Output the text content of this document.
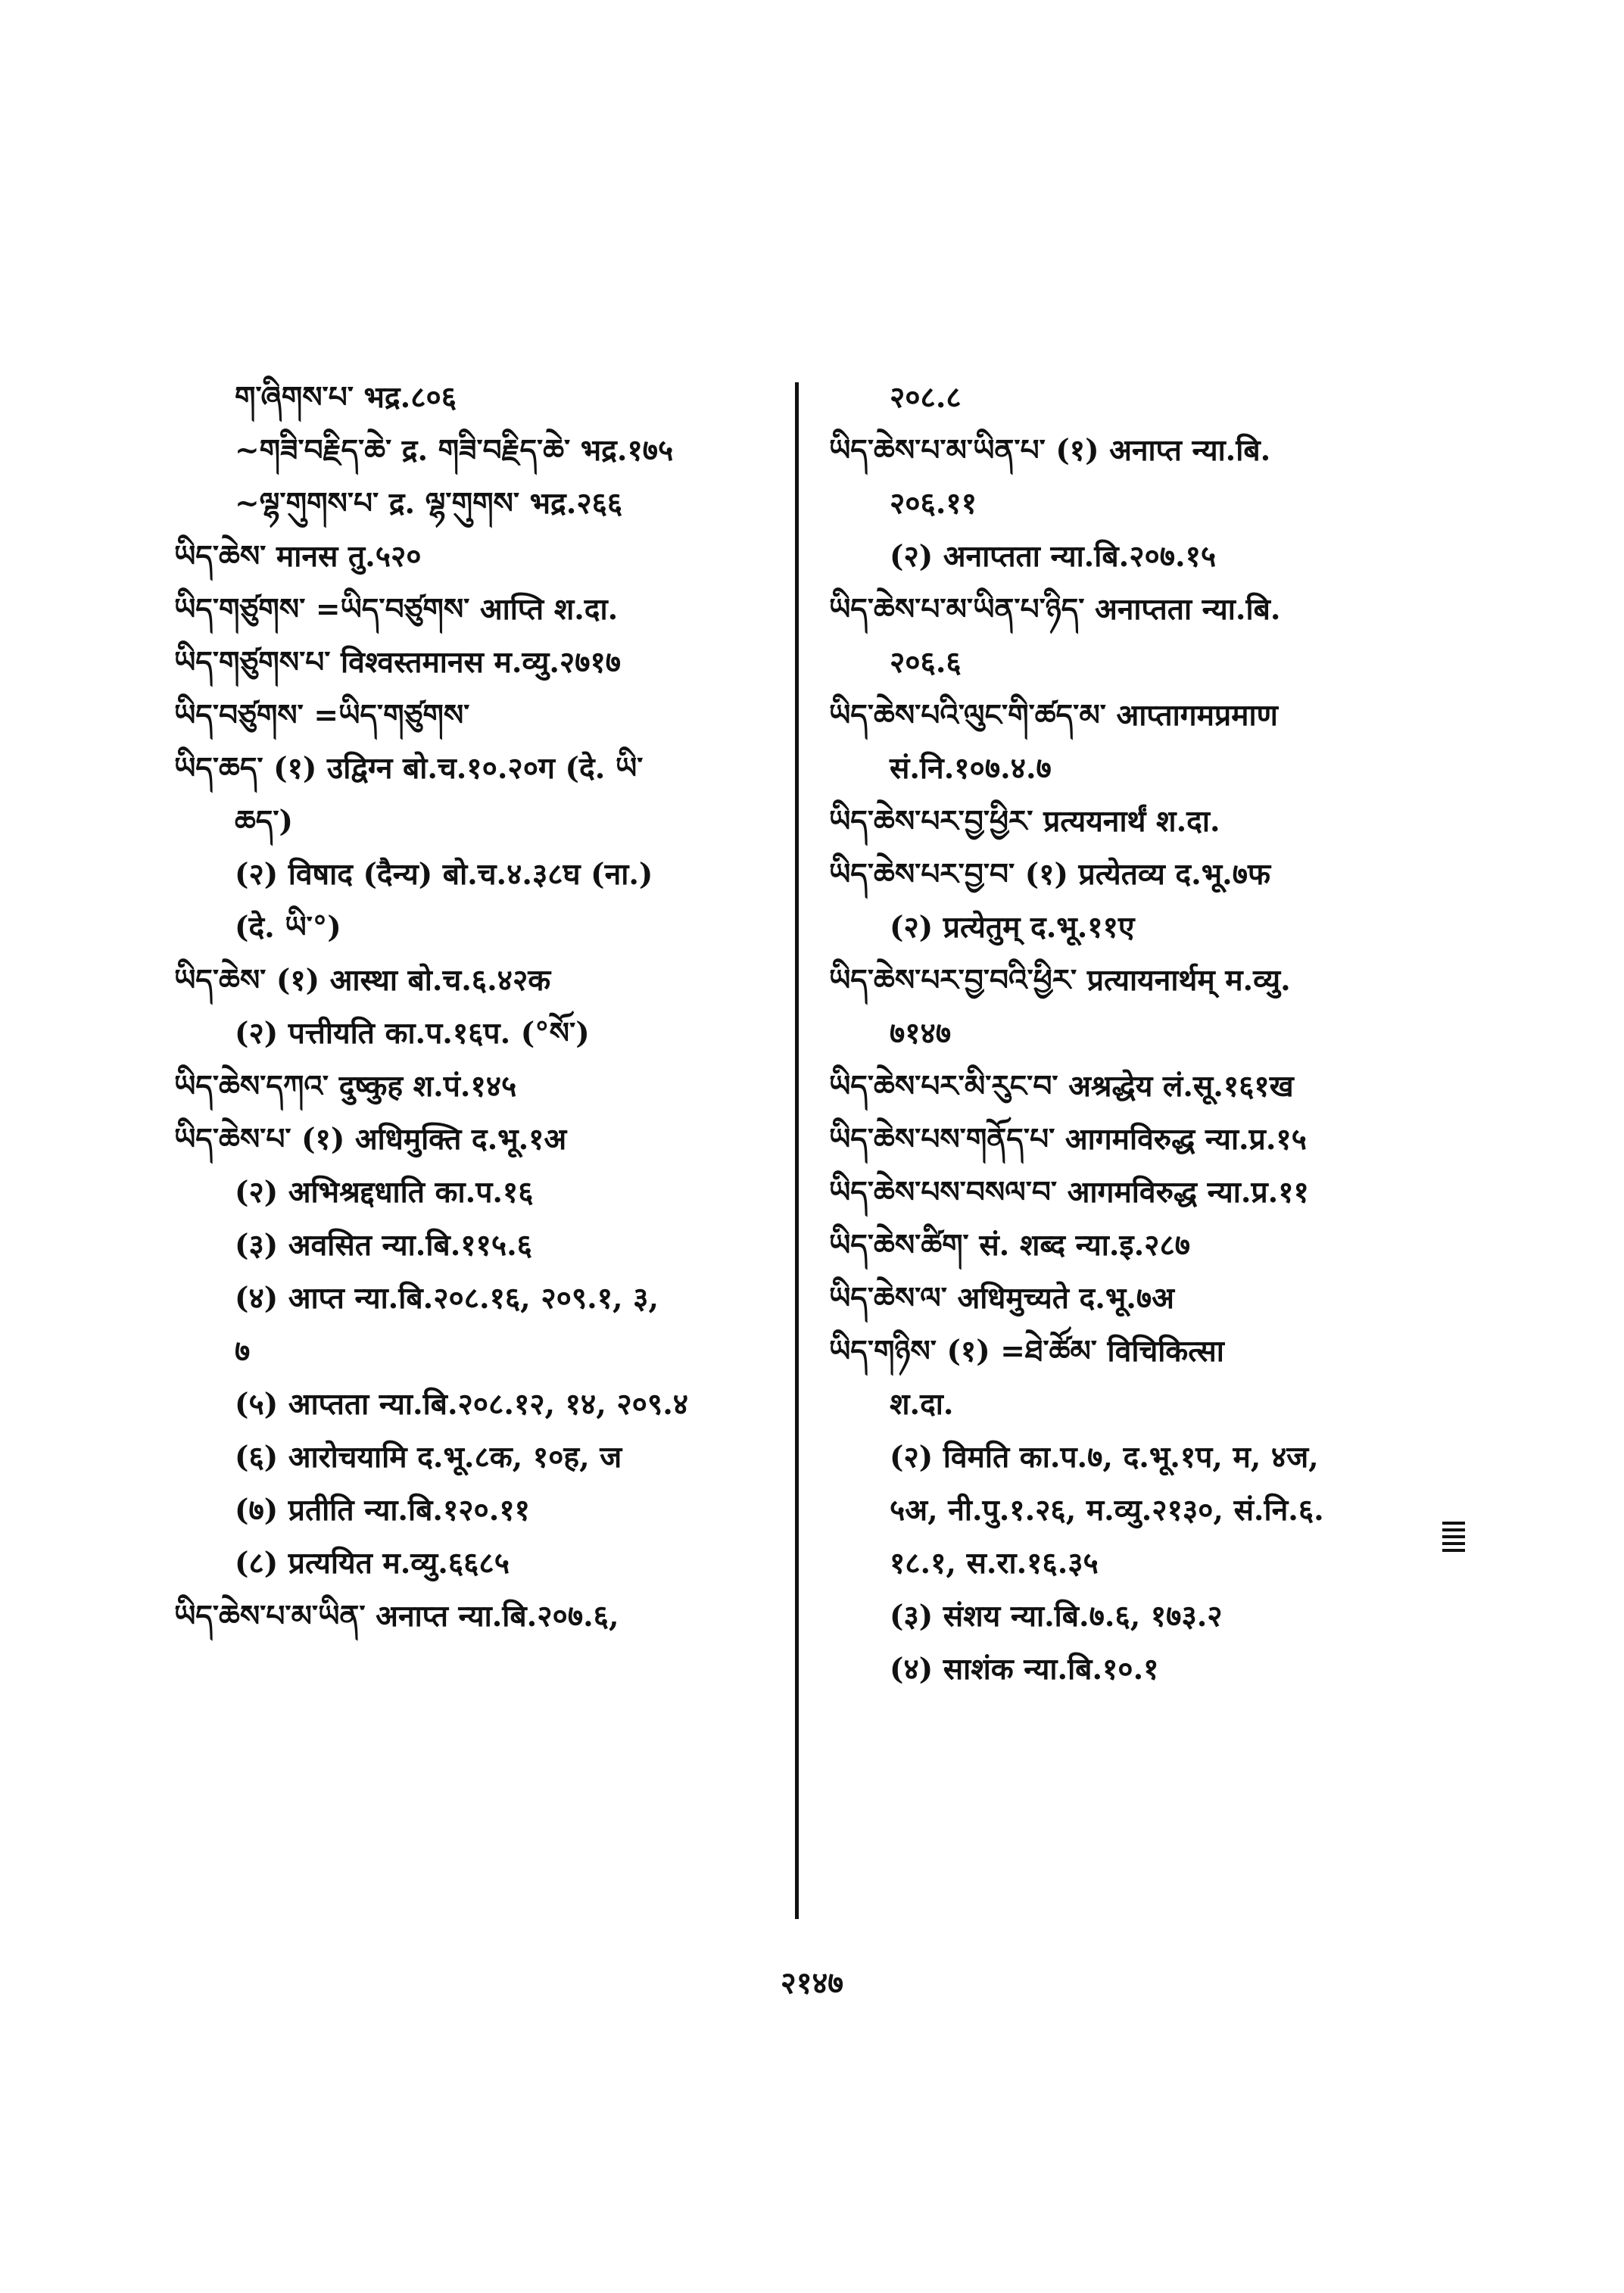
ག་ཞིགས་པ་ भद्र.८०६
~གཟི་བརྗིད་ཆེ་ द्र. གཟི་བརྗིད་ཆེ་ भद्र.१७५
~ལྷ་གུགས་པ་ द्र. ལྷ་གུགས་ भद्र.२६६
ཡིད་ཆེས་ मानस तु.५२०
ཡིད་གཙུགས་ =ཡིད་བཙུགས་ आप्ति श.दा.
ཡིད་གཙུགས་པ་ विश्वस्तमानस म.व्यु.२७१७
ཡིད་བཙུགས་ =ཡིད་གཙུགས་
ཡིད་ཆད་ (१) उद्विग्न बो.च.१०.२०ग (दे. ཡི་
ཆད་)
(२) विषाद (दैन्य) बो.च.४.३८घ (ना.)
(दे. ཡི་°)
ཡིད་ཆེས་ (१) आस्था बो.च.६.४२क
(२) पत्तीयति का.प.१६प. (°སོ་)
ཡིད་ཆེས་དཀའ་ दुष्कुह श.पं.१४५
ཡིད་ཆེས་པ་ (१) अधिमुक्ति द.भू.१अ
(२) अभिश्रद्दधाति का.प.१६
(३) अवसित न्या.बि.११५.६
(४) आप्त न्या.बि.२०८.१६, २०९.१, ३,
७
(५) आप्तता न्या.बि.२०८.१२, १४, २०९.४
(६) आरोचयामि द.भू.८क, १०ह, ज
(७) प्रतीति न्या.बि.१२०.११
(८) प्रत्ययित म.व्यु.६६८५
ཡིད་ཆེས་པ་མ་ཡིན་ अनाप्त न्या.बि.२०७.६,
२०८.८
ཡིད་ཆེས་པ་མ་ཡིན་པ་ (१) अनाप्त न्या.बि.
२०६.११
(२) अनाप्तता न्या.बि.२०७.१५
ཡིད་ཆེས་པ་མ་ཡིན་པ་ཉིད་ अनाप्तता न्या.बि.
२०६.६
ཡིད་ཆེས་པའི་ལུང་གི་ཚད་མ་ आप्तागमप्रमाण
सं.नि.१०७.४.७
ཡིད་ཆེས་པར་བྱ་ཕྱིར་ प्रत्ययनार्थं श.दा.
ཡིད་ཆེས་པར་བྱ་བ་ (१) प्रत्येतव्य द.भू.७फ
(२) प्रत्येतुम् द.भू.११ए
ཡིད་ཆེས་པར་བྱ་བའི་ཕྱིར་ प्रत्यायनार्थम् म.व्यु.
७१४७
ཡིད་ཆེས་པར་མི་རུང་བ་ अश्रद्धेय लं.सू.१६१ख
ཡིད་ཆེས་པས་གནོད་པ་ आगमविरुद्ध न्या.प्र.१५
ཡིད་ཆེས་པས་བསལ་བ་ आगमविरुद्ध न्या.प्र.११
ཡིད་ཆེས་ཚིག་ सं. शब्द न्या.इ.२८७
ཡིད་ཆེས་ལ་ अधिमुच्यते द.भू.७अ
ཡིད་གཉིས་ (१) =ཐེ་ཚོམ་ विचिकित्सा
श.दा.
(२) विमति का.प.७, द.भू.१प, म, ४ज,
५अ, नी.पु.१.२६, म.व्यु.२१३०, सं.नि.६.
१८.१, स.रा.१६.३५
(३) संशय न्या.बि.७.६, १७३.२
(४) साशंक न्या.बि.१०.१
२१४७
